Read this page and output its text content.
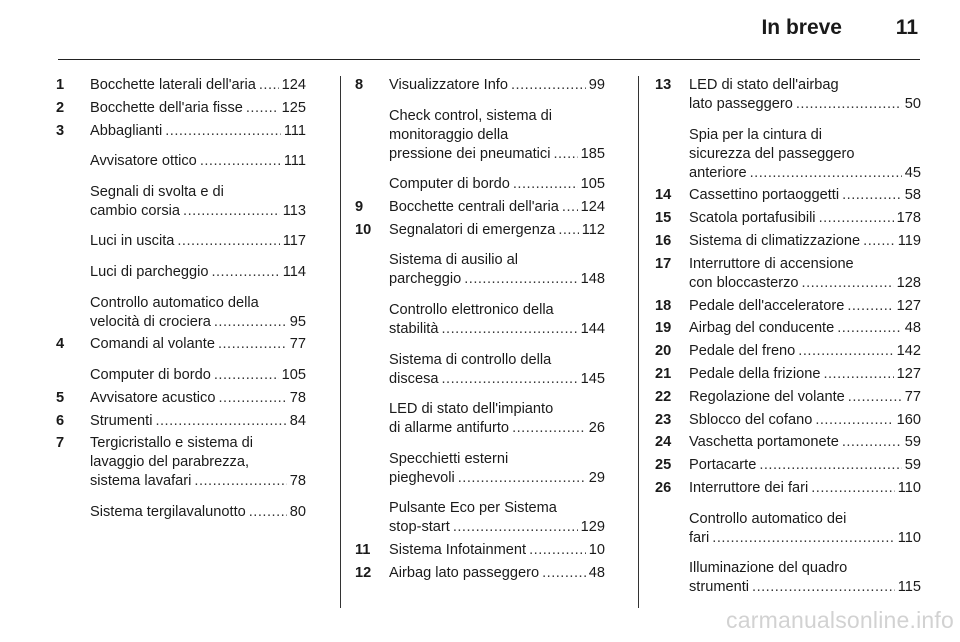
In breve	11
1	Bocchette laterali dell'aria ..... 124
2	Bocchette dell'aria fisse .....	125
3	Abbaglianti .....	111
Avvisatore ottico .....	111
Segnali di svolta e di
cambio corsia .....	113
Luci in uscita .....	117
Luci di parcheggio .....	114
Controllo automatico della
velocità di crociera .....	95
4	Comandi al volante .....	77
Computer di bordo .....	105
5	Avvisatore acustico .....	78
6	Strumenti .....	84
7	Tergicristallo e sistema di
lavaggio del parabrezza,
sistema lavafari .....	78
Sistema tergilavalunotto .....	80
8	Visualizzatore Info .....	99
Check control, sistema di
monitoraggio della
pressione dei pneumatici ..... 185
Computer di bordo .....	105
9	Bocchette centrali dell'aria ..... 124
10	Segnalatori di emergenza ..... 112
Sistema di ausilio al
parcheggio .....	148
Controllo elettronico della
stabilità .....	144
Sistema di controllo della
discesa .....	145
LED di stato dell'impianto
di allarme antifurto .....	26
Specchietti esterni
pieghevoli .....	29
Pulsante Eco per Sistema
stop-start .....	129
11	Sistema Infotainment .....	10
12	Airbag lato passeggero .....	48
13	LED di stato dell'airbag
lato passeggero .....	50
Spia per la cintura di
sicurezza del passeggero
anteriore .....	45
14	Cassettino portaoggetti .....	58
15	Scatola portafusibili .....	178
16	Sistema di climatizzazione .....	119
17	Interruttore di accensione
con bloccasterzo .....	128
18	Pedale dell'acceleratore .....	127
19	Airbag del conducente .....	48
20	Pedale del freno .....	142
21	Pedale della frizione .....	127
22	Regolazione del volante .....	77
23	Sblocco del cofano .....	160
24	Vaschetta portamonete .....	59
25	Portacarte .....	59
26	Interruttore dei fari .....	110
Controllo automatico dei
fari .....	110
Illuminazione del quadro
strumenti .....	115
carmanualsonline.info
